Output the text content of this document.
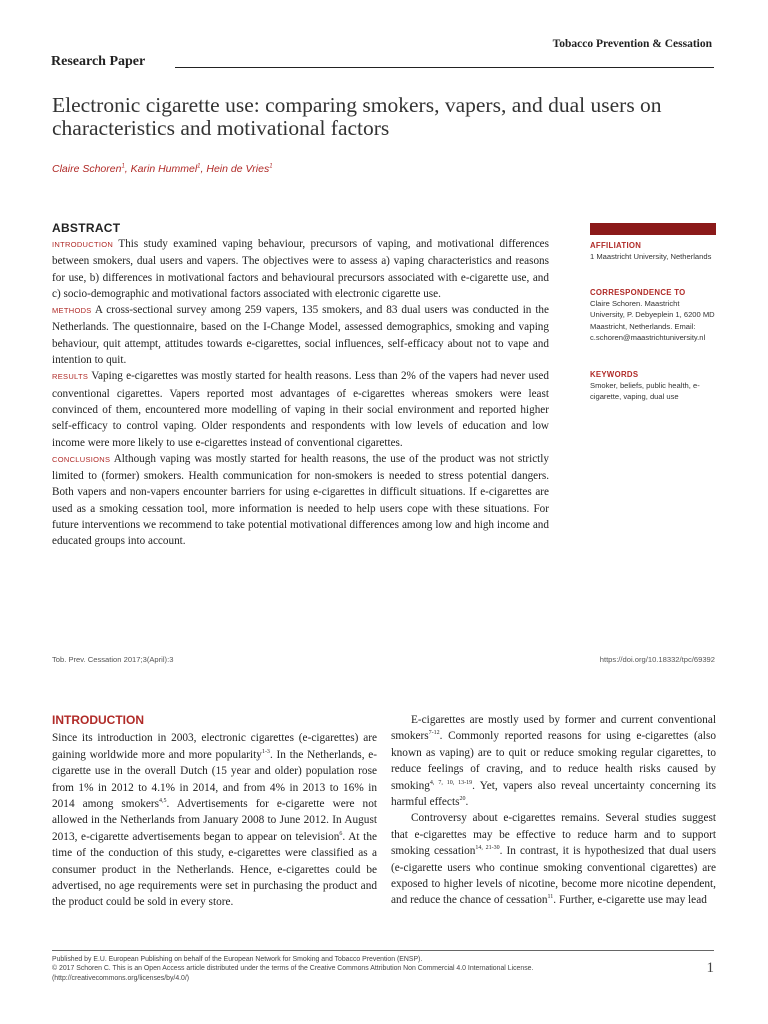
Tobacco Prevention & Cessation
Research Paper
Electronic cigarette use: comparing smokers, vapers, and dual users on characteristics and motivational factors
Claire Schoren$^1$, Karin Hummel$^1$, Hein de Vries$^1$
ABSTRACT

INTRODUCTION This study examined vaping behaviour, precursors of vaping, and motivational differences between smokers, dual users and vapers. The objectives were to assess a) vaping characteristics and reasons for use, b) differences in motivational factors and behavioural precursors associated with e-cigarette use, and c) socio-demographic and motivational factors associated with electronic cigarette use.

METHODS A cross-sectional survey among 259 vapers, 135 smokers, and 83 dual users was conducted in the Netherlands. The questionnaire, based on the I-Change Model, assessed demographics, smoking and vaping behaviour, quit attempt, attitudes towards e-cigarettes, social influences, self-efficacy about not to vape and intention to quit.

RESULTS Vaping e-cigarettes was mostly started for health reasons. Less than 2% of the vapers had never used conventional cigarettes. Vapers reported most advantages of e-cigarettes whereas smokers were least convinced of them, encountered more modelling of vaping in their social environment and reported higher self-efficacy to control vaping. Older respondents and respondents with low levels of education and low income were more likely to use e-cigarettes instead of conventional cigarettes.

CONCLUSIONS Although vaping was mostly started for health reasons, the use of the product was not strictly limited to (former) smokers. Health communication for non-smokers is needed to stress potential dangers. Both vapers and non-vapers encounter barriers for using e-cigarettes in difficult situations. If e-cigarettes are used as a smoking cessation tool, more information is needed to help users cope with these situations. For future interventions we recommend to take potential motivational differences among low and high income and educated groups into account.

AFFILIATION
1 Maastricht University, Netherlands
CORRESPONDENCE TO
Claire Schoren. Maastricht University, P. Debyeplein 1, 6200 MD Maastricht, Netherlands. Email: c.schoren@maastrichtuniversity.nl
KEYWORDS
Smoker, beliefs, public health, e-cigarette, vaping, dual use
Tob. Prev. Cessation 2017;3(April):3	https://doi.org/10.18332/tpc/69392

INTRODUCTION

Since its introduction in 2003, electronic cigarettes (e-cigarettes) are gaining worldwide more and more popularity$^{1-3}$. In the Netherlands, e-cigarette use in the overall Dutch (15 year and older) population rose from 1% in 2012 to 4.1% in 2014, and from 4% in 2013 to 16% in 2014 among smokers$^{4,5}$. Advertisements for e-cigarette were not allowed in the Netherlands from January 2008 to June 2012. In August 2013, e-cigarette advertisements began to appear on television$^6$. At the time of the conduction of this study, e-cigarettes were classified as a consumer product in the Netherlands. Hence, e-cigarettes could be advertised, no age requirements were set in purchasing the product and the product could be sold in every store.

E-cigarettes are mostly used by former and current conventional smokers$^{7-12}$. Commonly reported reasons for using e-cigarettes (also known as vaping) are to quit or reduce smoking regular cigarettes, to reduce feelings of craving, and to reduce health risks caused by smoking$^{4, 7, 10, 13-19}$. Yet, vapers also reveal uncertainty concerning its harmful effects$^{20}$.

Controversy about e-cigarettes remains. Several studies suggest that e-cigarettes may be effective to reduce harm and to support smoking cessation$^{14, 21-30}$. In contrast, it is hypothesized that dual users (e-cigarette users who continue smoking conventional cigarettes) are exposed to higher levels of nicotine, become more nicotine dependent, and reduce the chance of cessation$^{11}$. Further, e-cigarette use may lead

Published by E.U. European Publishing on behalf of the European Network for Smoking and Tobacco Prevention (ENSP).
© 2017 Schoren C. This is an Open Access article distributed under the terms of the Creative Commons Attribution Non Commercial 4.0 International License.
(http://creativecommons.org/licenses/by/4.0/)
1
